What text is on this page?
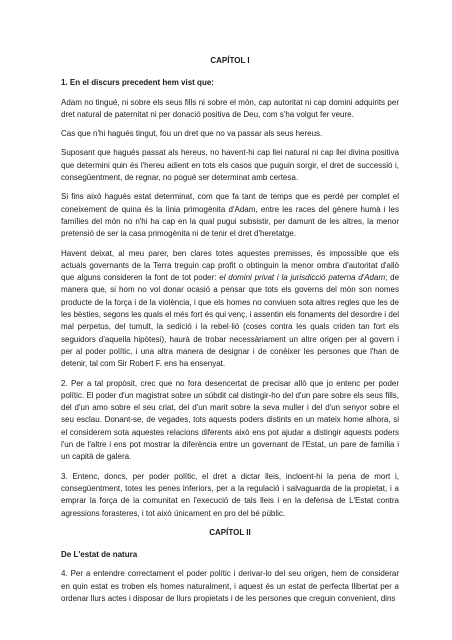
CAPÍTOL I

1. En el discurs precedent hem vist que:

Adam no tingué, ni sobre els seus fills ni sobre el món, cap autoritat ni cap domini adquirits per dret natural de paternitat ni per donació positiva de Deu, com s'ha volgut fer veure.

Cas que n'hi hagués tingut, fou un dret que no va passar als seus hereus.

Suposant que hagués passat als hereus, no havent-hi cap llei natural ni cap llei divina positiva que determini quin és l'hereu adient en tots els casos que puguin sorgir, el dret de successió i, consegüentment, de regnar, no pogué ser determinat amb certesa.

Si fins això hagués estat determinat, com que fa tant de temps que es perdé per complet el coneixement de quina és la línia primogènita d'Adam, entre les races del gènere humà i les famílies del món no n'hi ha cap en la qual pugui subsistir, per damunt de les altres, la menor pretensió de ser la casa primogènita ni de tenir el dret d'heretatge.

Havent deixat, al meu parer, ben clares totes aquestes premisses, és impossible que els actuals governants de la Terra treguin cap profit o obtinguin la menor ombra d'autoritat d'allò que alguns consideren la font de tot poder: el domini privat i la jurisdicció paterna d'Adam; de manera que, si hom no vol donar ocasió a pensar que tots els governs del món son nomes producte de la força i de la violència, i que els homes no conviuen sota altres regles que les de les bèsties, segons les quals el més fort és qui venç, i assentin els fonaments del desordre i del mal perpetus, del tumult, la sedició i la rebel·lió (coses contra les quals criden tan fort els seguidors d'aquella hipòtesi), haurà de trobar necessàriament un altre origen per al govern i per al poder polític, i una altra manera de designar i de conèixer les persones que l'han de detenir, tal com Sir Robert F. ens ha ensenyat.

2. Per a tal propòsit, crec que no fora desencertat de precisar allò que jo entenc per poder polític. El poder d'un magistrat sobre un súbdit cal distingir-ho del d'un pare sobre els seus fills, del d'un amo sobre el seu criat, del d'un marit sobre la seva muller i del d'un senyor sobre el seu esclau. Donant-se, de vegades, tots aquests poders distints en un mateix home alhora, si el considerem sota aquestes relacions diferents això ens pot ajudar a distingir aquests poders l'un de l'altre i ens pot mostrar la diferència entre un governant de l'Estat, un pare de família i un capità de galera.

3. Entenc, doncs, per poder polític, el dret a dictar lleis, incloent-hi la pena de mort i, consegüentment, totes les penes inferiors, per a la regulació i salvaguarda de la propietat, i a emprar la força de la comunitat en l'execució de tals lleis i en la defensa de L'Estat contra agressions forasteres, i tot això únicament en pro del bé públic.

CAPÍTOL II

De L'estat de natura

4. Per a entendre correctament el poder polític i derivar-lo del seu origen, hem de considerar en quin estat es troben els homes naturalment, i aquest és un estat de perfecta llibertat per a ordenar llurs actes i disposar de llurs propietats i de les persones que creguin convenient, dins
